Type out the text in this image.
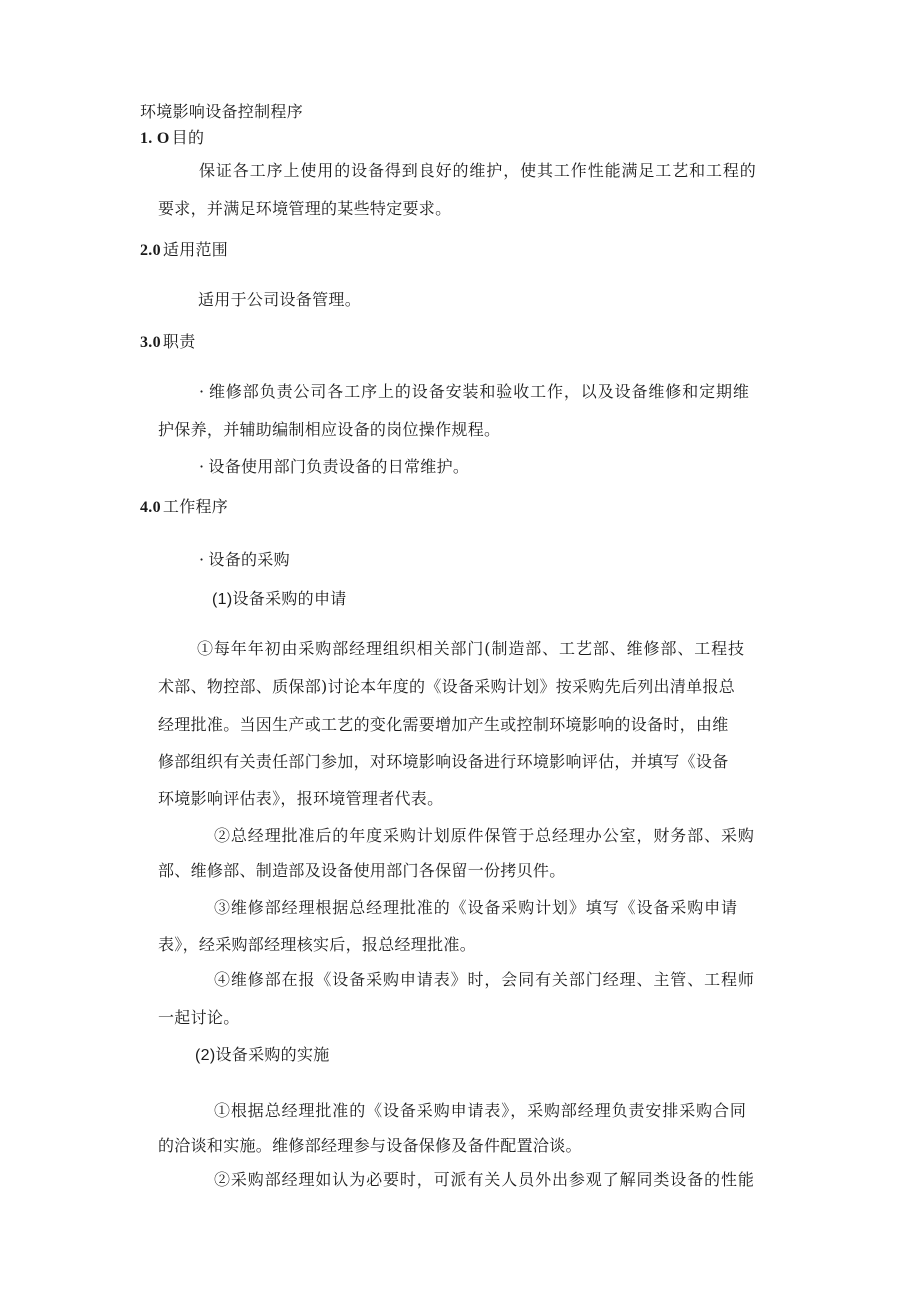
环境影响设备控制程序
1. O 目的
保证各工序上使用的设备得到良好的维护，使其工作性能满足工艺和工程的
要求，并满足环境管理的某些特定要求。
2.0 适用范围
适用于公司设备管理。
3.0 职责
· 维修部负责公司各工序上的设备安装和验收工作，以及设备维修和定期维
护保养，并辅助编制相应设备的岗位操作规程。
· 设备使用部门负责设备的日常维护。
4.0 工作程序
· 设备的采购
(1)设备采购的申请
①每年年初由采购部经理组织相关部门(制造部、工艺部、维修部、工程技
术部、物控部、质保部)讨论本年度的《设备采购计划》按采购先后列出清单报总
经理批准。当因生产或工艺的变化需要增加产生或控制环境影响的设备时，由维
修部组织有关责任部门参加，对环境影响设备进行环境影响评估，并填写《设备
环境影响评估表》，报环境管理者代表。
②总经理批准后的年度采购计划原件保管于总经理办公室，财务部、采购
部、维修部、制造部及设备使用部门各保留一份拷贝件。
③维修部经理根据总经理批准的《设备采购计划》填写《设备采购申请
表》，经采购部经理核实后，报总经理批准。
④维修部在报《设备采购申请表》时，会同有关部门经理、主管、工程师
一起讨论。
(2)设备采购的实施
①根据总经理批准的《设备采购申请表》，采购部经理负责安排采购合同
的洽谈和实施。维修部经理参与设备保修及备件配置洽谈。
②采购部经理如认为必要时，可派有关人员外出参观了解同类设备的性能
